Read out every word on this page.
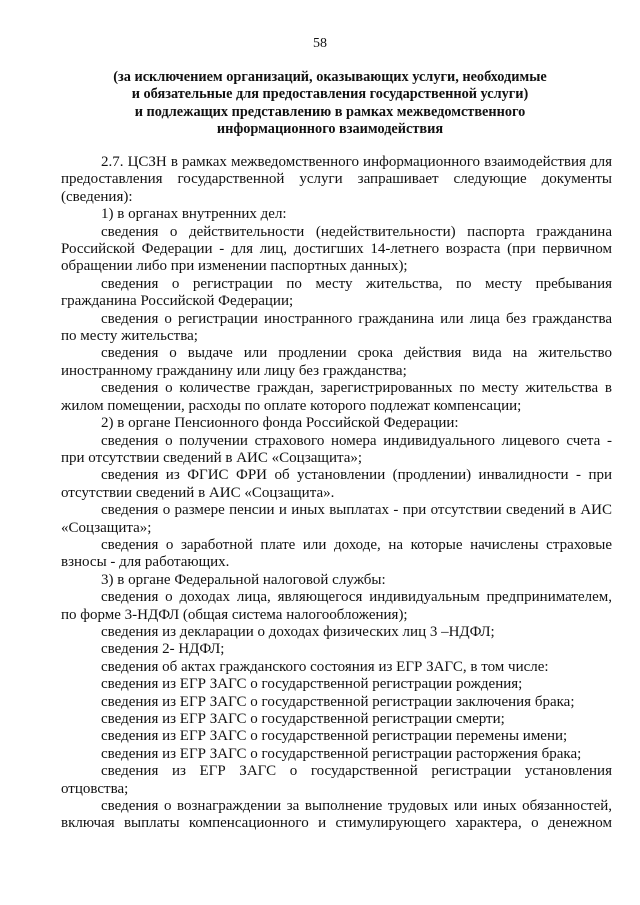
58
(за исключением организаций, оказывающих услуги, необходимые
и обязательные для предоставления государственной услуги)
и подлежащих представлению в рамках межведомственного
информационного взаимодействия

2.7. ЦСЗН в рамках межведомственного информационного взаимодействия для предоставления государственной услуги запрашивает следующие документы (сведения):

1) в органах внутренних дел:

сведения о действительности (недействительности) паспорта гражданина Российской Федерации - для лиц, достигших 14-летнего возраста (при первичном обращении либо при изменении паспортных данных);

сведения о регистрации по месту жительства, по месту пребывания гражданина Российской Федерации;

сведения о регистрации иностранного гражданина или лица без гражданства по месту жительства;

сведения о выдаче или продлении срока действия вида на жительство иностранному гражданину или лицу без гражданства;

сведения о количестве граждан, зарегистрированных по месту жительства в жилом помещении, расходы по оплате которого подлежат компенсации;

2) в органе Пенсионного фонда Российской Федерации:

сведения о получении страхового номера индивидуального лицевого счета - при отсутствии сведений в АИС «Соцзащита»;

сведения из ФГИС ФРИ об установлении (продлении) инвалидности - при отсутствии сведений в АИС «Соцзащита».

сведения о размере пенсии и иных выплатах - при отсутствии сведений в АИС «Соцзащита»;

сведения о заработной плате или доходе, на которые начислены страховые взносы - для работающих.

3) в органе Федеральной налоговой службы:

сведения о доходах лица, являющегося индивидуальным предпринимателем, по форме 3-НДФЛ (общая система налогообложения);

сведения из декларации о доходах физических лиц 3 –НДФЛ;

сведения 2- НДФЛ;

сведения об актах гражданского состояния из ЕГР ЗАГС, в том числе:

сведения из ЕГР ЗАГС о государственной регистрации рождения;

сведения из ЕГР ЗАГС о государственной регистрации заключения брака;

сведения из ЕГР ЗАГС о государственной регистрации смерти;

сведения из ЕГР ЗАГС о государственной регистрации перемены имени;

сведения из ЕГР ЗАГС о государственной регистрации расторжения брака;

сведения из ЕГР ЗАГС о государственной регистрации установления отцовства;

сведения о вознаграждении за выполнение трудовых или иных обязанностей, включая выплаты компенсационного и стимулирующего характера, о денежном
